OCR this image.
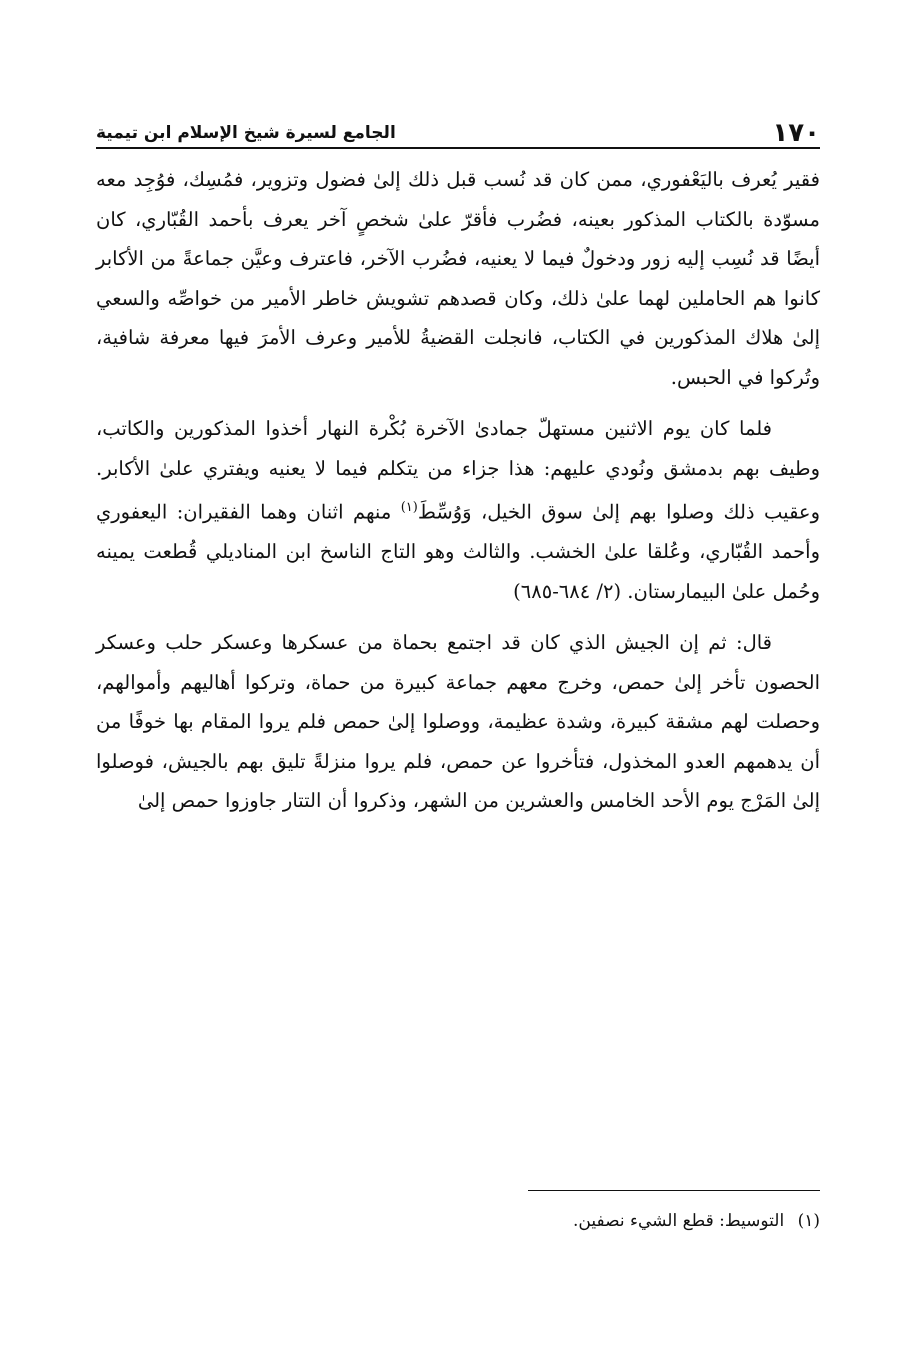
١٧٠
الجامع لسيرة شيخ الإسلام ابن تيمية

فقير يُعرف باليَعْفوري، ممن كان قد نُسب قبل ذلك إلىٰ فضول وتزوير، فمُسِك، فوُجِد معه مسوّدة بالكتاب المذكور بعينه، فضُرب فأقرّ علىٰ شخصٍ آخر يعرف بأحمد القُبّاري، كان أيضًا قد نُسِب إليه زور ودخولٌ فيما لا يعنيه، فضُرب الآخر، فاعترف وعيَّن جماعةً من الأكابر كانوا هم الحاملين لهما علىٰ ذلك، وكان قصدهم تشويش خاطر الأمير من خواصِّه والسعي إلىٰ هلاك المذكورين في الكتاب، فانجلت القضيةُ للأمير وعرف الأمرَ فيها معرفة شافية، وتُركوا في الحبس.

فلما كان يوم الاثنين مستهلّ جمادىٰ الآخرة بُكْرة النهار أخذوا المذكورين والكاتب، وطيف بهم بدمشق ونُودي عليهم: هذا جزاء من يتكلم فيما لا يعنيه ويفتري علىٰ الأكابر. وعقيب ذلك وصلوا بهم إلىٰ سوق الخيل، وَوُسِّطَ$^{(١)}$ منهم اثنان وهما الفقيران: اليعفوري وأحمد القُبّاري، وعُلقا علىٰ الخشب. والثالث وهو التاج الناسخ ابن المناديلي قُطعت يمينه وحُمل علىٰ البيمارستان. (٢/ ٦٨٤-٦٨٥)

قال: ثم إن الجيش الذي كان قد اجتمع بحماة من عسكرها وعسكر حلب وعسكر الحصون تأخر إلىٰ حمص، وخرج معهم جماعة كبيرة من حماة، وتركوا أهاليهم وأموالهم، وحصلت لهم مشقة كبيرة، وشدة عظيمة، ووصلوا إلىٰ حمص فلم يروا المقام بها خوفًا من أن يدهمهم العدو المخذول، فتأخروا عن حمص، فلم يروا منزلةً تليق بهم بالجيش، فوصلوا إلىٰ المَرْج يوم الأحد الخامس والعشرين من الشهر، وذكروا أن التتار جاوزوا حمص إلىٰ

(١) التوسيط: قطع الشيء نصفين.
